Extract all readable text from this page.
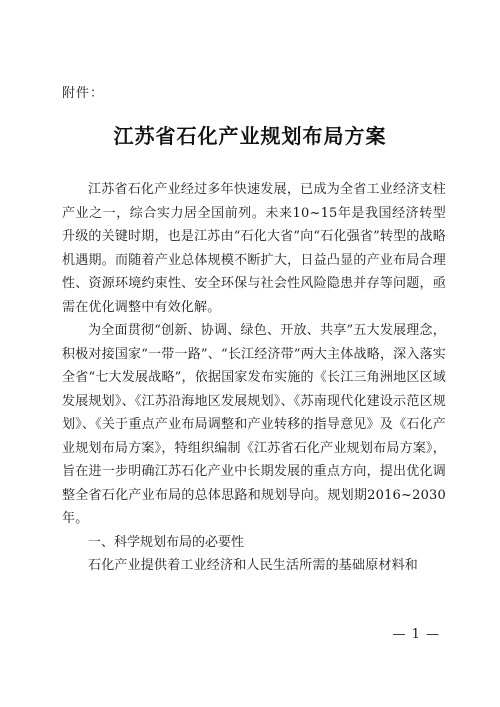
附件：
江苏省石化产业规划布局方案

江苏省石化产业经过多年快速发展，已成为全省工业经济支柱产业之一，综合实力居全国前列。未来10~15年是我国经济转型升级的关键时期，也是江苏由“石化大省”向“石化强省”转型的战略机遇期。而随着产业总体规模不断扩大，日益凸显的产业布局合理性、资源环境约束性、安全环保与社会性风险隐患并存等问题，亟需在优化调整中有效化解。

为全面贯彻“创新、协调、绿色、开放、共享”五大发展理念，积极对接国家“一带一路”、“长江经济带”两大主体战略，深入落实全省“七大发展战略”，依据国家发布实施的《长江三角洲地区区域发展规划》、《江苏沿海地区发展规划》、《苏南现代化建设示范区规划》、《关于重点产业布局调整和产业转移的指导意见》及《石化产业规划布局方案》，特组织编制《江苏省石化产业规划布局方案》，旨在进一步明确江苏石化产业中长期发展的重点方向，提出优化调整全省石化产业布局的总体思路和规划导向。规划期2016~2030年。

一、科学规划布局的必要性

石化产业提供着工业经济和人民生活所需的基础原材料和

— 1 —
